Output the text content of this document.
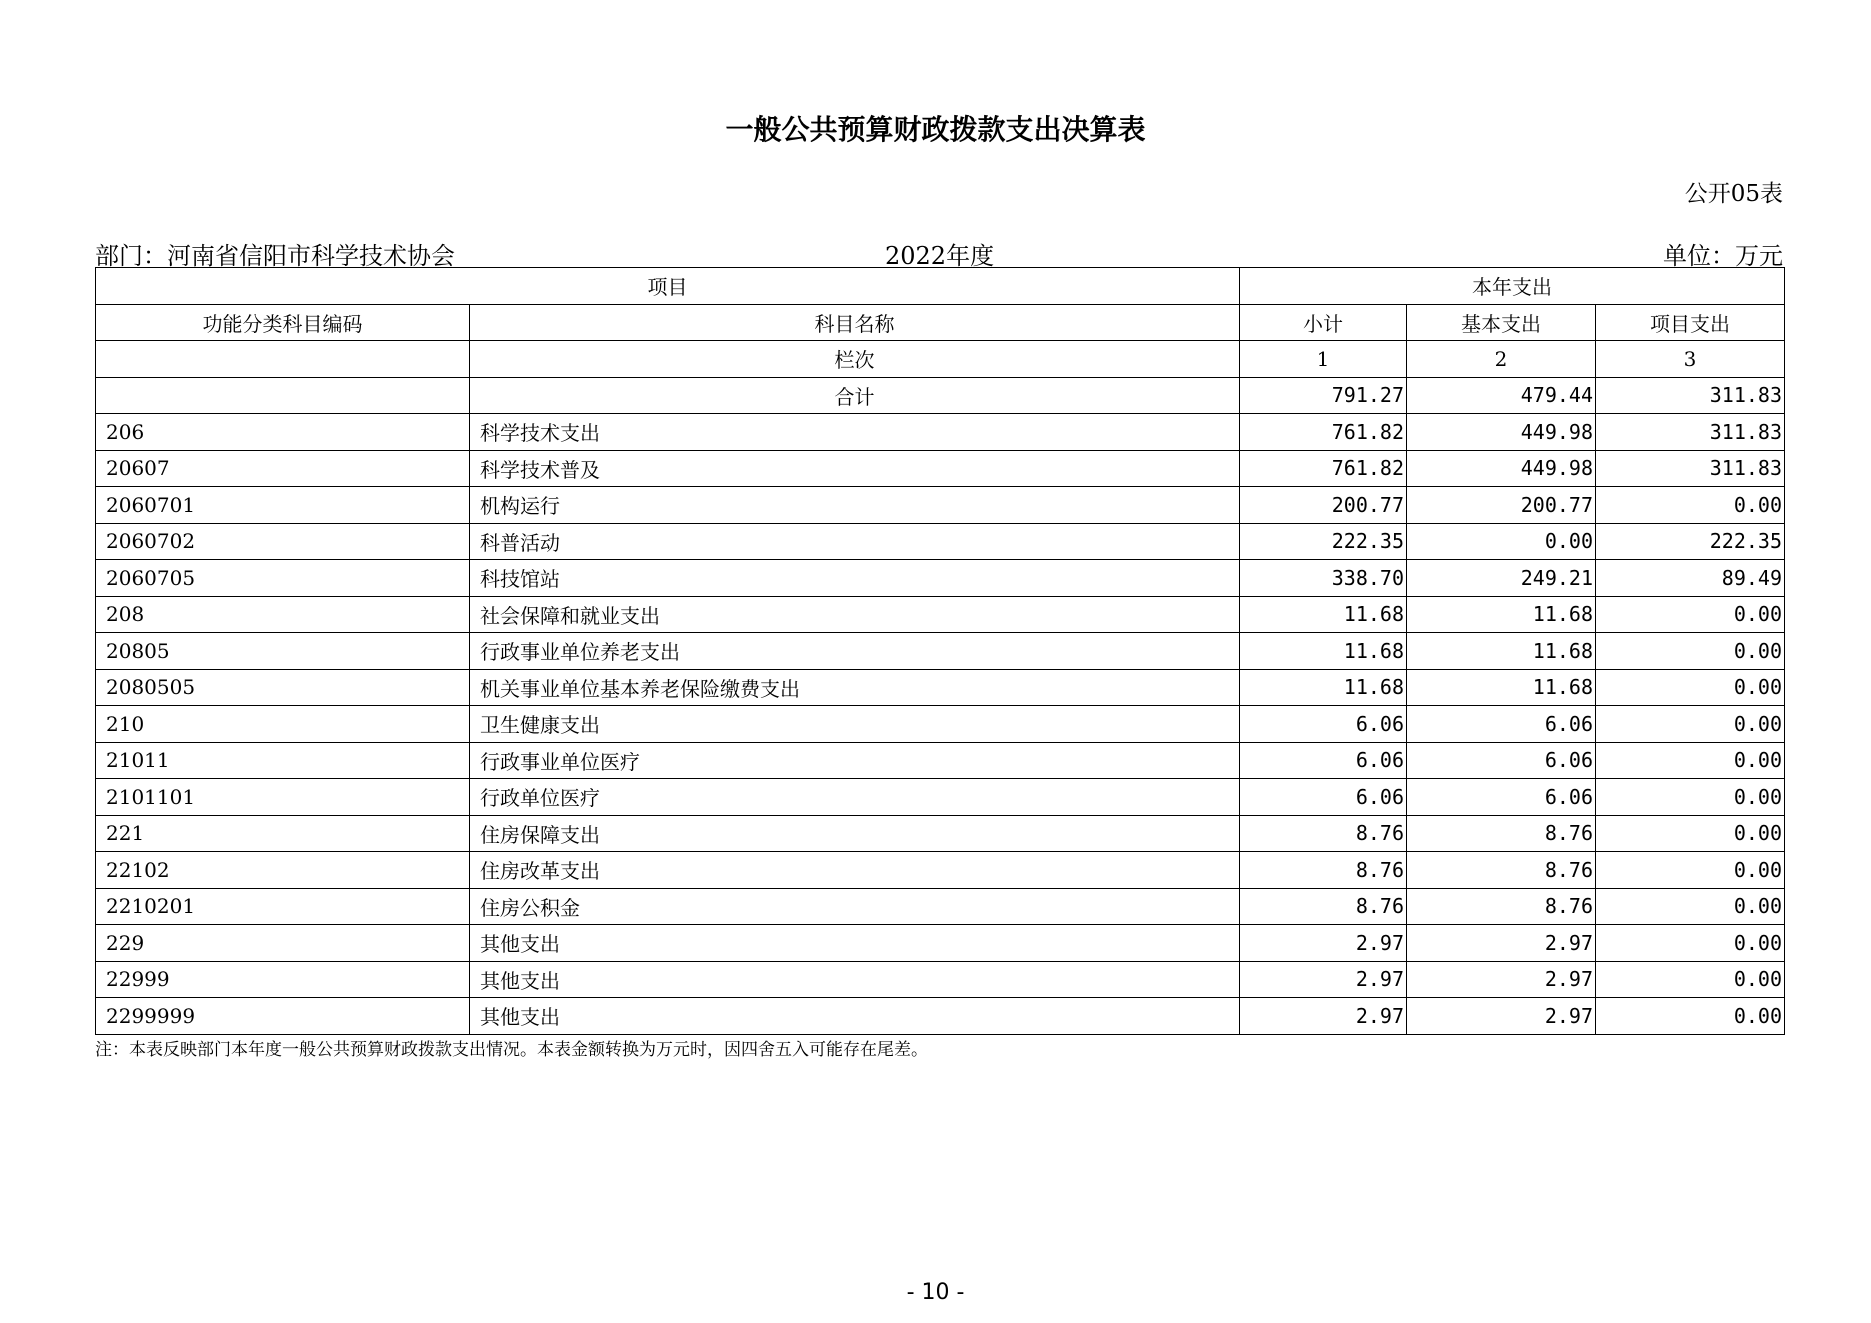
一般公共预算财政拨款支出决算表
公开05表
部门：河南省信阳市科学技术协会	2022年度	单位：万元
项目		本年支出		
功能分类科目编码	科目名称	小计	基本支出	项目支出
	栏次	1	2	3
	合计	791.27	479.44	311.83
206	科学技术支出	761.82	449.98	311.83
20607	科学技术普及	761.82	449.98	311.83
2060701	机构运行	200.77	200.77	0.00
2060702	科普活动	222.35	0.00	222.35
2060705	科技馆站	338.70	249.21	89.49
208	社会保障和就业支出	11.68	11.68	0.00
20805	行政事业单位养老支出	11.68	11.68	0.00
2080505	机关事业单位基本养老保险缴费支出	11.68	11.68	0.00
210	卫生健康支出	6.06	6.06	0.00
21011	行政事业单位医疗	6.06	6.06	0.00
2101101	行政单位医疗	6.06	6.06	0.00
221	住房保障支出	8.76	8.76	0.00
22102	住房改革支出	8.76	8.76	0.00
2210201	住房公积金	8.76	8.76	0.00
229	其他支出	2.97	2.97	0.00
22999	其他支出	2.97	2.97	0.00
2299999	其他支出	2.97	2.97	0.00
注：本表反映部门本年度一般公共预算财政拨款支出情况。本表金额转换为万元时，因四舍五入可能存在尾差。
- 10 -
